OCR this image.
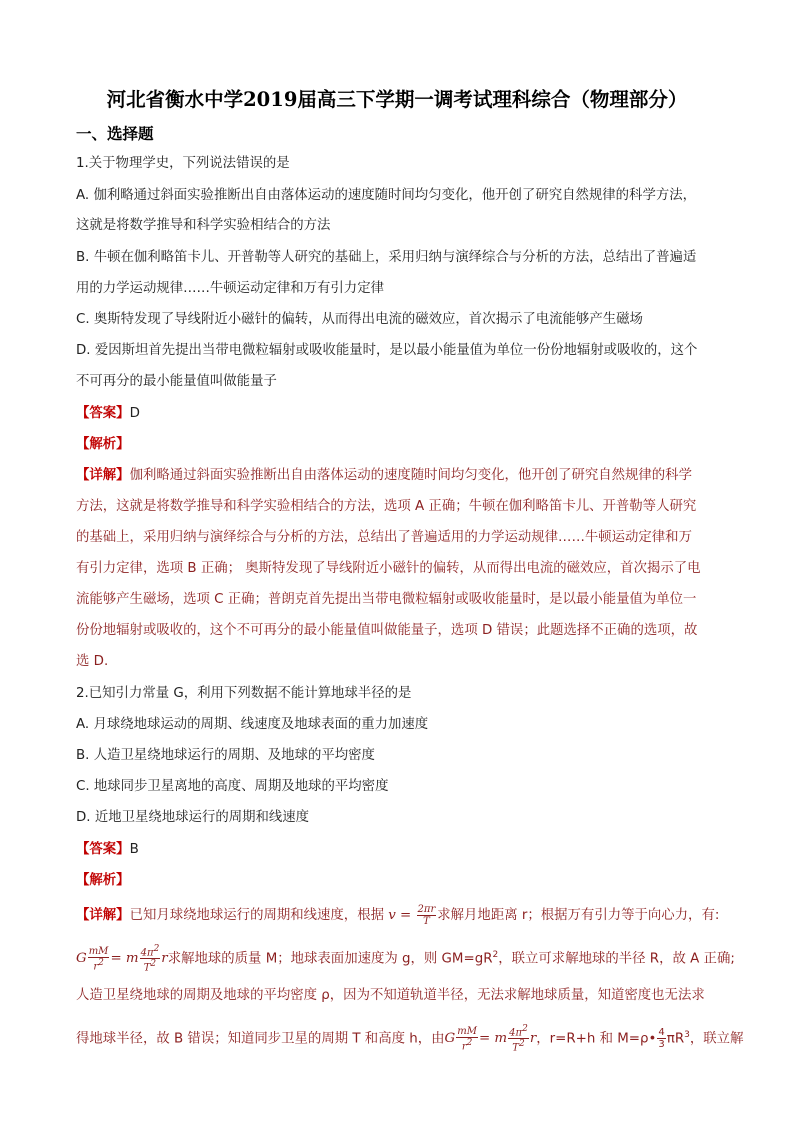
河北省衡水中学2019届高三下学期一调考试理科综合（物理部分）
一、选择题
1.关于物理学史，下列说法错误的是
A. 伽利略通过斜面实验推断出自由落体运动的速度随时间均匀变化，他开创了研究自然规律的科学方法，
这就是将数学推导和科学实验相结合的方法
B. 牛顿在伽利略笛卡儿、开普勒等人研究的基础上，采用归纳与演绎综合与分析的方法，总结出了普遍适
用的力学运动规律……牛顿运动定律和万有引力定律
C. 奥斯特发现了导线附近小磁针的偏转，从而得出电流的磁效应，首次揭示了电流能够产生磁场
D. 爱因斯坦首先提出当带电微粒辐射或吸收能量时，是以最小能量值为单位一份份地辐射或吸收的，这个
不可再分的最小能量值叫做能量子
【答案】D
【解析】
【详解】伽利略通过斜面实验推断出自由落体运动的速度随时间均匀变化，他开创了研究自然规律的科学
方法，这就是将数学推导和科学实验相结合的方法，选项 A 正确；牛顿在伽利略笛卡儿、开普勒等人研究
的基础上，采用归纳与演绎综合与分析的方法，总结出了普遍适用的力学运动规律……牛顿运动定律和万
有引力定律，选项 B 正确； 奥斯特发现了导线附近小磁针的偏转，从而得出电流的磁效应，首次揭示了电
流能够产生磁场，选项 C 正确；普朗克首先提出当带电微粒辐射或吸收能量时，是以最小能量值为单位一
份份地辐射或吸收的，这个不可再分的最小能量值叫做能量子，选项 D 错误；此题选择不正确的选项，故
选 D.
2.已知引力常量 G，利用下列数据不能计算地球半径的是
A. 月球绕地球运动的周期、线速度及地球表面的重力加速度
B. 人造卫星绕地球运行的周期、及地球的平均密度
C. 地球同步卫星离地的高度、周期及地球的平均密度
D. 近地卫星绕地球运行的周期和线速度
【答案】B
【解析】
【详解】已知月球绕地球运行的周期和线速度，根据 $v = \frac{2\pi r}{T}$ 求解月地距离 r；根据万有引力等于向心力，有:
G $\frac{mM}{r^2} = m \frac{4\pi^2}{T^2}$ r求解地球的质量 M；地球表面加速度为 g，则 $GM=gR^2$，联立可求解地球的半径 R，故 A 正确;
人造卫星绕地球的周期及地球的平均密度 ρ，因为不知道轨道半径，无法求解地球质量，知道密度也无法求
得地球半径，故 B 错误；知道同步卫星的周期 T 和高度 h，由G $\frac{mM}{r^2} = m \frac{4\pi^2}{T^2}$ r，r=R+h 和 M=ρ• $\frac{4}{3} \pi R^3$，联立解
